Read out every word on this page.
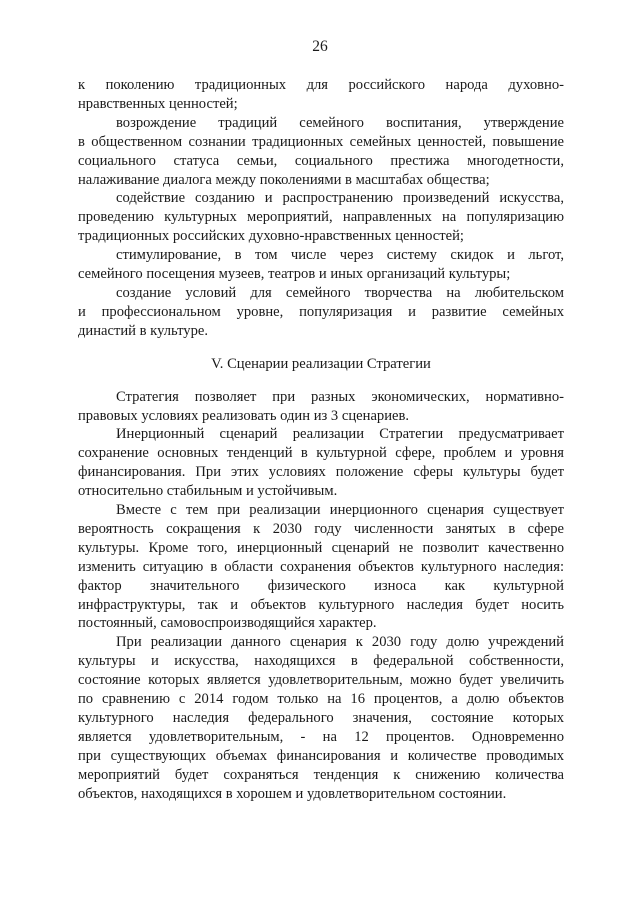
26

к поколению традиционных для российского народа духовно-
нравственных ценностей;

возрождение традиций семейного воспитания, утверждение
в общественном сознании традиционных семейных ценностей, повышение
социального статуса семьи, социального престижа многодетности,
налаживание диалога между поколениями в масштабах общества;

содействие созданию и распространению произведений искусства,
проведению культурных мероприятий, направленных на популяризацию
традиционных российских духовно-нравственных ценностей;

стимулирование, в том числе через систему скидок и льгот,
семейного посещения музеев, театров и иных организаций культуры;

создание условий для семейного творчества на любительском
и профессиональном уровне, популяризация и развитие семейных
династий в культуре.

V. Сценарии реализации Стратегии

Стратегия позволяет при разных экономических, нормативно-
правовых условиях реализовать один из 3 сценариев.

Инерционный сценарий реализации Стратегии предусматривает
сохранение основных тенденций в культурной сфере, проблем и уровня
финансирования. При этих условиях положение сферы культуры будет
относительно стабильным и устойчивым.

Вместе с тем при реализации инерционного сценария существует
вероятность сокращения к 2030 году численности занятых в сфере
культуры. Кроме того, инерционный сценарий не позволит качественно
изменить ситуацию в области сохранения объектов культурного наследия:
фактор значительного физического износа как культурной
инфраструктуры, так и объектов культурного наследия будет носить
постоянный, самовоспроизводящийся характер.

При реализации данного сценария к 2030 году долю учреждений
культуры и искусства, находящихся в федеральной собственности,
состояние которых является удовлетворительным, можно будет увеличить
по сравнению с 2014 годом только на 16 процентов, а долю объектов
культурного наследия федерального значения, состояние которых
является удовлетворительным, - на 12 процентов. Одновременно
при существующих объемах финансирования и количестве проводимых
мероприятий будет сохраняться тенденция к снижению количества
объектов, находящихся в хорошем и удовлетворительном состоянии.
